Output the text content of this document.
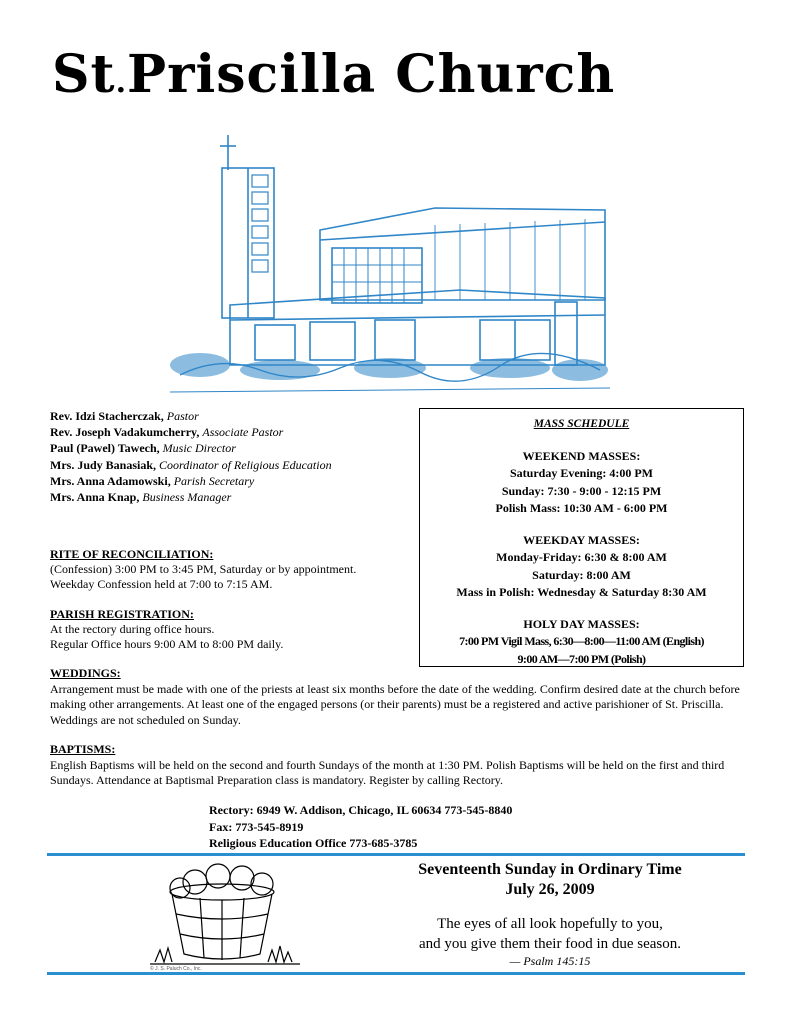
St.Priscilla Church
Rev. Idzi Stacherczak, Pastor
Rev. Joseph Vadakumcherry, Associate Pastor
Paul (Pawel) Tawech, Music Director
Mrs. Judy Banasiak, Coordinator of Religious Education
Mrs. Anna Adamowski, Parish Secretary
Mrs. Anna Knap, Business Manager
MASS SCHEDULE
WEEKEND MASSES:
Saturday Evening: 4:00 PM
Sunday: 7:30 - 9:00 - 12:15 PM
Polish Mass: 10:30 AM - 6:00 PM
WEEKDAY MASSES:
Monday-Friday: 6:30 & 8:00 AM
Saturday: 8:00 AM
Mass in Polish: Wednesday & Saturday 8:30 AM
HOLY DAY MASSES:
7:00 PM Vigil Mass, 6:30—8:00—11:00 AM (English)
9:00 AM—7:00 PM (Polish)
RITE OF RECONCILIATION:
(Confession) 3:00 PM to 3:45 PM, Saturday or by appointment.
Weekday Confession held at 7:00 to 7:15 AM.
PARISH REGISTRATION:
At the rectory during office hours.
Regular Office hours 9:00 AM to 8:00 PM daily.
WEDDINGS:
Arrangement must be made with one of the priests at least six months before the date of the wedding. Confirm desired date at the church before making other arrangements. At least one of the engaged persons (or their parents) must be a registered and active parishioner of St. Priscilla. Weddings are not scheduled on Sunday.
BAPTISMS:
English Baptisms will be held on the second and fourth Sundays of the month at 1:30 PM. Polish Baptisms will be held on the first and third Sundays. Attendance at Baptismal Preparation class is mandatory. Register by calling Rectory.
Rectory: 6949 W. Addison, Chicago, IL 60634 773-545-8840
Fax: 773-545-8919
Religious Education Office 773-685-3785
© J. S. Paluch Co., Inc.
Seventeenth Sunday in Ordinary Time
July 26, 2009
The eyes of all look hopefully to you,
and you give them their food in due season.
— Psalm 145:15
